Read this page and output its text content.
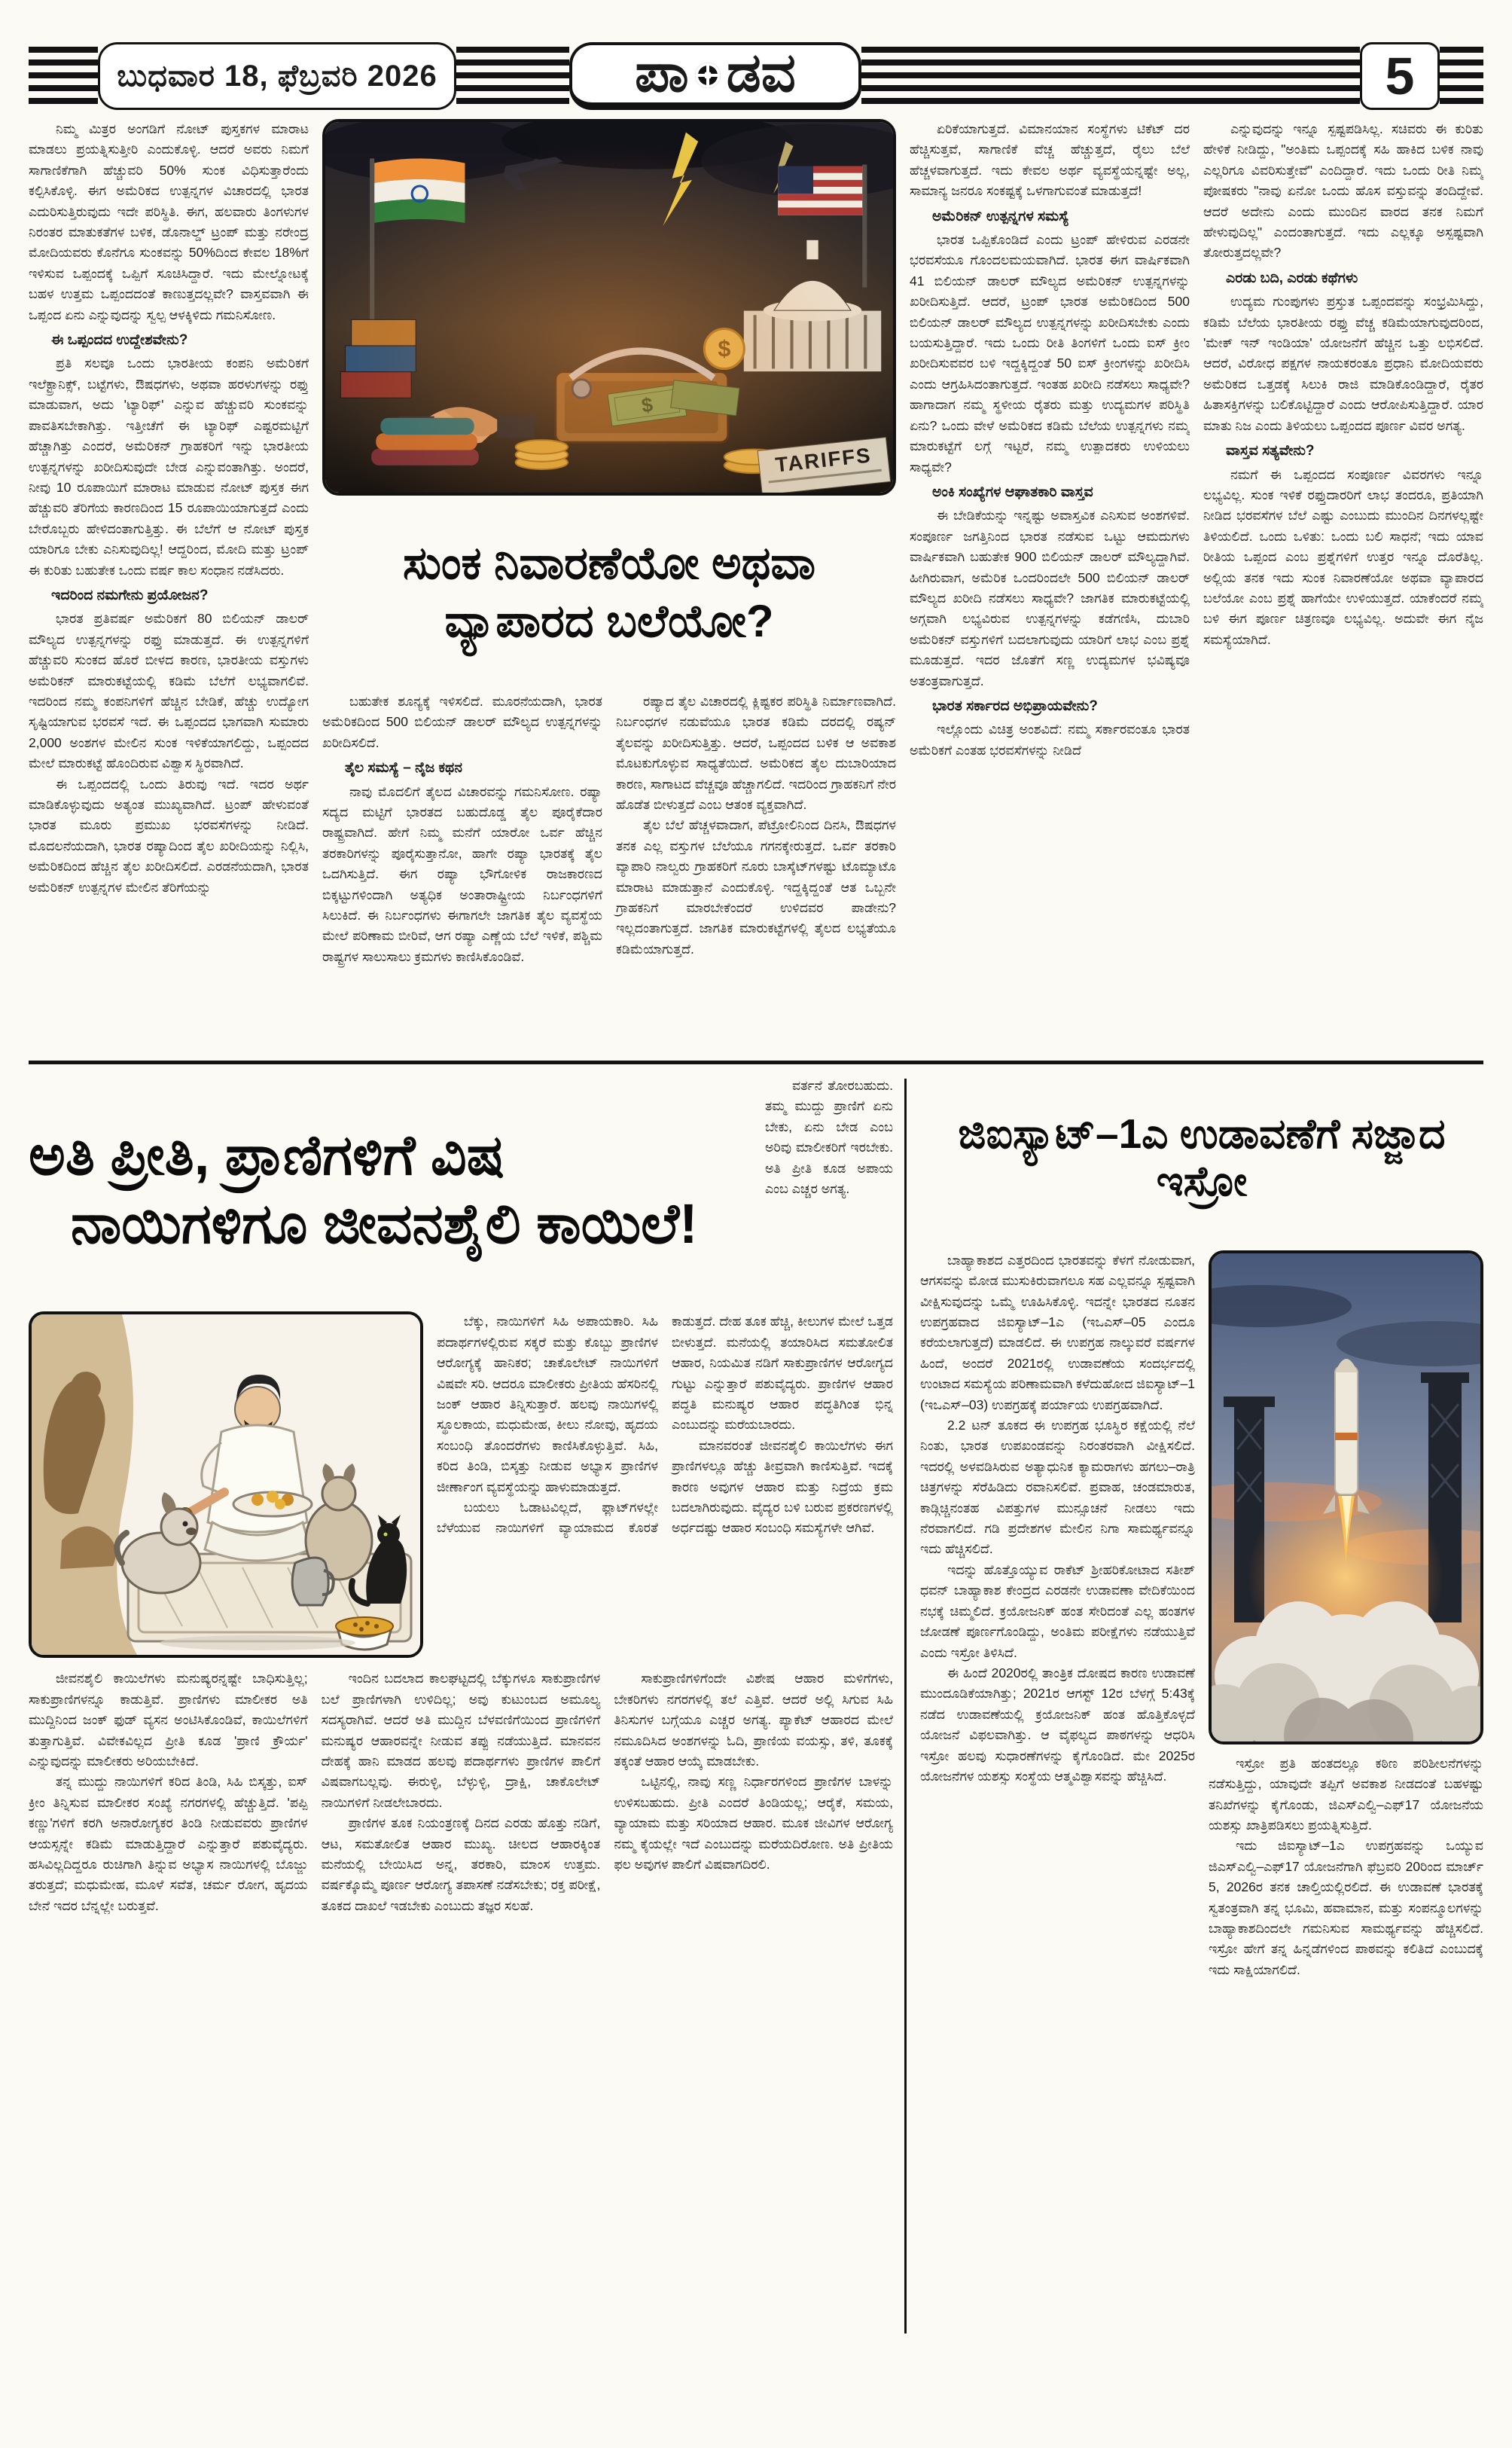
ಬುಧವಾರ 18, ಫೆಬ್ರವರಿ 2026	ಪಾ ಡವ	5

ನಿಮ್ಮ ಮಿತ್ರರ ಅಂಗಡಿಗೆ ನೋಟ್ ಪುಸ್ತಕಗಳ ಮಾರಾಟ ಮಾಡಲು ಪ್ರಯತ್ನಿಸುತ್ತೀರಿ ಎಂದುಕೊಳ್ಳಿ. ಆದರೆ ಅವರು ನಿಮಗೆ ಸಾಗಾಣಿಕೆಗಾಗಿ ಹೆಚ್ಚುವರಿ 50% ಸುಂಕ ವಿಧಿಸುತ್ತಾರೆಂದು ಕಲ್ಪಿಸಿಕೊಳ್ಳಿ. ಈಗ ಅಮೆರಿಕದ ಉತ್ಪನ್ನಗಳ ವಿಚಾರದಲ್ಲಿ ಭಾರತ ಎದುರಿಸುತ್ತಿರುವುದು ಇದೇ ಪರಿಸ್ಥಿತಿ. ಈಗ, ಹಲವಾರು ತಿಂಗಳುಗಳ ನಿರಂತರ ಮಾತುಕತೆಗಳ ಬಳಿಕ, ಡೊನಾಲ್ಡ್ ಟ್ರಂಪ್ ಮತ್ತು ನರೇಂದ್ರ ಮೋದಿಯವರು ಕೊನೆಗೂ ಸುಂಕವನ್ನು 50%ದಿಂದ ಕೇವಲ 18%ಗೆ ಇಳಿಸುವ ಒಪ್ಪಂದಕ್ಕೆ ಒಪ್ಪಿಗೆ ಸೂಚಿಸಿದ್ದಾರೆ. ಇದು ಮೇಲ್ನೋಟಕ್ಕೆ ಬಹಳ ಉತ್ತಮ ಒಪ್ಪಂದದಂತೆ ಕಾಣುತ್ತದಲ್ಲವೇ? ವಾಸ್ತವವಾಗಿ ಈ ಒಪ್ಪಂದ ಏನು ಎನ್ನುವುದನ್ನು ಸ್ವಲ್ಪ ಆಳಕ್ಕಿಳಿದು ಗಮನಿಸೋಣ.

ಈ ಒಪ್ಪಂದದ ಉದ್ದೇಶವೇನು?

ಪ್ರತಿ ಸಲವೂ ಒಂದು ಭಾರತೀಯ ಕಂಪನಿ ಅಮೆರಿಕಗೆ ಇಲೆಕ್ಟ್ರಾನಿಕ್ಸ್, ಬಟ್ಟೆಗಳು, ಔಷಧಗಳು, ಅಥವಾ ಹರಳುಗಳನ್ನು ರಫ್ತು ಮಾಡುವಾಗ, ಅದು 'ಟ್ಯಾರಿಫ್' ಎನ್ನುವ ಹೆಚ್ಚುವರಿ ಸುಂಕವನ್ನು ಪಾವತಿಸಬೇಕಾಗಿತ್ತು. ಇತ್ತೀಚೆಗೆ ಈ ಟ್ಯಾರಿಫ್ ಎಷ್ಟರಮಟ್ಟಿಗೆ ಹೆಚ್ಚಾಗಿತ್ತು ಎಂದರೆ, ಅಮೆರಿಕನ್ ಗ್ರಾಹಕರಿಗೆ ಇನ್ನು ಭಾರತೀಯ ಉತ್ಪನ್ನಗಳನ್ನು ಖರೀದಿಸುವುದೇ ಬೇಡ ಎನ್ನುವಂತಾಗಿತ್ತು. ಅಂದರೆ, ನೀವು 10 ರೂಪಾಯಿಗೆ ಮಾರಾಟ ಮಾಡುವ ನೋಟ್ ಪುಸ್ತಕ ಈಗ ಹೆಚ್ಚುವರಿ ತೆರಿಗೆಯ ಕಾರಣದಿಂದ 15 ರೂಪಾಯಿಯಾಗುತ್ತದೆ ಎಂದು ಬೇರೊಬ್ಬರು ಹೇಳಿದಂತಾಗುತ್ತಿತ್ತು. ಈ ಬೆಲೆಗೆ ಆ ನೋಟ್ ಪುಸ್ತಕ ಯಾರಿಗೂ ಬೇಕು ಎನಿಸುವುದಿಲ್ಲ! ಆದ್ದರಿಂದ, ಮೋದಿ ಮತ್ತು ಟ್ರಂಪ್ ಈ ಕುರಿತು ಬಹುತೇಕ ಒಂದು ವರ್ಷ ಕಾಲ ಸಂಧಾನ ನಡೆಸಿದರು.

ಇದರಿಂದ ನಮಗೇನು ಪ್ರಯೋಜನ?

ಭಾರತ ಪ್ರತಿವರ್ಷ ಅಮೆರಿಕಗೆ 80 ಬಿಲಿಯನ್ ಡಾಲರ್ ಮೌಲ್ಯದ ಉತ್ಪನ್ನಗಳನ್ನು ರಫ್ತು ಮಾಡುತ್ತದೆ. ಈ ಉತ್ಪನ್ನಗಳಿಗೆ ಹೆಚ್ಚುವರಿ ಸುಂಕದ ಹೊರೆ ಬೀಳದ ಕಾರಣ, ಭಾರತೀಯ ವಸ್ತುಗಳು ಅಮೆರಿಕನ್ ಮಾರುಕಟ್ಟೆಯಲ್ಲಿ ಕಡಿಮೆ ಬೆಲೆಗೆ ಲಭ್ಯವಾಗಲಿವೆ. ಇದರಿಂದ ನಮ್ಮ ಕಂಪನಿಗಳಿಗೆ ಹೆಚ್ಚಿನ ಬೇಡಿಕೆ, ಹೆಚ್ಚು ಉದ್ಯೋಗ ಸೃಷ್ಟಿಯಾಗುವ ಭರವಸೆ ಇದೆ. ಈ ಒಪ್ಪಂದದ ಭಾಗವಾಗಿ ಸುಮಾರು 2,000 ಅಂಶಗಳ ಮೇಲಿನ ಸುಂಕ ಇಳಿಕೆಯಾಗಲಿದ್ದು, ಒಪ್ಪಂದದ ಮೇಲೆ ಮಾರುಕಟ್ಟೆ ಹೊಂದಿರುವ ವಿಶ್ವಾಸ ಸ್ಥಿರವಾಗಿದೆ.

ಈ ಒಪ್ಪಂದದಲ್ಲಿ ಒಂದು ತಿರುವು ಇದೆ. ಇದರ ಅರ್ಥ ಮಾಡಿಕೊಳ್ಳುವುದು ಅತ್ಯಂತ ಮುಖ್ಯವಾಗಿದೆ. ಟ್ರಂಪ್ ಹೇಳುವಂತೆ ಭಾರತ ಮೂರು ಪ್ರಮುಖ ಭರವಸೆಗಳನ್ನು ನೀಡಿದೆ. ಮೊದಲನೆಯದಾಗಿ, ಭಾರತ ರಷ್ಯಾದಿಂದ ತೈಲ ಖರೀದಿಯನ್ನು ನಿಲ್ಲಿಸಿ, ಅಮೆರಿಕದಿಂದ ಹೆಚ್ಚಿನ ತೈಲ ಖರೀದಿಸಲಿದೆ. ಎರಡನೆಯದಾಗಿ, ಭಾರತ ಅಮೆರಿಕನ್ ಉತ್ಪನ್ನಗಳ ಮೇಲಿನ ತೆರಿಗೆಯನ್ನು

ಸುಂಕ ನಿವಾರಣೆಯೋ ಅಥವಾ
ವ್ಯಾಪಾರದ ಬಲೆಯೋ?

ಬಹುತೇಕ ಶೂನ್ಯಕ್ಕೆ ಇಳಿಸಲಿದೆ. ಮೂರನೆಯದಾಗಿ, ಭಾರತ ಅಮೆರಿಕದಿಂದ 500 ಬಿಲಿಯನ್ ಡಾಲರ್ ಮೌಲ್ಯದ ಉತ್ಪನ್ನಗಳನ್ನು ಖರೀದಿಸಲಿದೆ.

ತೈಲ ಸಮಸ್ಯೆ – ನೈಜ ಕಥನ

ನಾವು ಮೊದಲಿಗೆ ತೈಲದ ವಿಚಾರವನ್ನು ಗಮನಿಸೋಣ. ರಷ್ಯಾ ಸದ್ಯದ ಮಟ್ಟಿಗೆ ಭಾರತದ ಬಹುದೊಡ್ಡ ತೈಲ ಪೂರೈಕೆದಾರ ರಾಷ್ಟ್ರವಾಗಿದೆ. ಹೇಗೆ ನಿಮ್ಮ ಮನೆಗೆ ಯಾರೋ ಒರ್ವ ಹೆಚ್ಚಿನ ತರಕಾರಿಗಳನ್ನು ಪೂರೈಸುತ್ತಾನೋ, ಹಾಗೇ ರಷ್ಯಾ ಭಾರತಕ್ಕೆ ತೈಲ ಒದಗಿಸುತ್ತಿದೆ. ಈಗ ರಷ್ಯಾ ಭೌಗೋಳಿಕ ರಾಜಕಾರಣದ ಬಿಕ್ಕಟ್ಟುಗಳಿಂದಾಗಿ ಅತ್ಯಧಿಕ ಅಂತಾರಾಷ್ಟ್ರೀಯ ನಿರ್ಬಂಧಗಳಿಗೆ ಸಿಲುಕಿದೆ. ಈ ನಿರ್ಬಂಧಗಳು ಈಗಾಗಲೇ ಜಾಗತಿಕ ತೈಲ ವ್ಯವಸ್ಥೆಯ ಮೇಲೆ ಪರಿಣಾಮ ಬೀರಿವೆ, ಆಗ ರಷ್ಯಾ ಎಣ್ಣೆಯ ಬೆಲೆ ಇಳಿಕೆ, ಪಶ್ಚಿಮ ರಾಷ್ಟ್ರಗಳ ಸಾಲುಸಾಲು ಕ್ರಮಗಳು ಕಾಣಿಸಿಕೊಂಡಿವೆ.

ರಷ್ಯಾದ ತೈಲ ವಿಚಾರದಲ್ಲಿ ಕ್ಲಿಷ್ಟಕರ ಪರಿಸ್ಥಿತಿ ನಿರ್ಮಾಣವಾಗಿದೆ. ನಿರ್ಬಂಧಗಳ ನಡುವೆಯೂ ಭಾರತ ಕಡಿಮೆ ದರದಲ್ಲಿ ರಷ್ಯನ್ ತೈಲವನ್ನು ಖರೀದಿಸುತ್ತಿತ್ತು. ಆದರೆ, ಒಪ್ಪಂದದ ಬಳಿಕ ಆ ಅವಕಾಶ ಮೊಟಕುಗೊಳ್ಳುವ ಸಾಧ್ಯತೆಯಿದೆ. ಅಮೆರಿಕದ ತೈಲ ದುಬಾರಿಯಾದ ಕಾರಣ, ಸಾಗಾಟದ ವೆಚ್ಚವೂ ಹೆಚ್ಚಾಗಲಿದೆ. ಇದರಿಂದ ಗ್ರಾಹಕನಿಗೆ ನೇರ ಹೊಡೆತ ಬೀಳುತ್ತದೆ ಎಂಬ ಆತಂಕ ವ್ಯಕ್ತವಾಗಿದೆ.

ತೈಲ ಬೆಲೆ ಹೆಚ್ಚಳವಾದಾಗ, ಪೆಟ್ರೋಲಿನಿಂದ ದಿನಸಿ, ಔಷಧಗಳ ತನಕ ಎಲ್ಲ ವಸ್ತುಗಳ ಬೆಲೆಯೂ ಗಗನಕ್ಕೇರುತ್ತದೆ. ಒರ್ವ ತರಕಾರಿ ವ್ಯಾಪಾರಿ ನಾಲ್ವರು ಗ್ರಾಹಕರಿಗೆ ನೂರು ಬಾಸ್ಕೆಟ್‌ಗಳಷ್ಟು ಟೊಮ್ಯಾಟೊ ಮಾರಾಟ ಮಾಡುತ್ತಾನೆ ಎಂದುಕೊಳ್ಳಿ. ಇದ್ದಕ್ಕಿದ್ದಂತೆ ಆತ ಒಬ್ಬನೇ ಗ್ರಾಹಕನಿಗೆ ಮಾರಬೇಕೆಂದರೆ ಉಳಿದವರ ಪಾಡೇನು? ಇಲ್ಲದಂತಾಗುತ್ತದೆ. ಜಾಗತಿಕ ಮಾರುಕಟ್ಟೆಗಳಲ್ಲಿ ತೈಲದ ಲಭ್ಯತೆಯೂ ಕಡಿಮೆಯಾಗುತ್ತದೆ.

ಏರಿಕೆಯಾಗುತ್ತದೆ. ವಿಮಾನಯಾನ ಸಂಸ್ಥೆಗಳು ಟಿಕೆಟ್ ದರ ಹೆಚ್ಚಿಸುತ್ತವೆ, ಸಾಗಾಣಿಕೆ ವೆಚ್ಚ ಹೆಚ್ಚುತ್ತದೆ, ರೈಲು ಬೆಲೆ ಹೆಚ್ಚಳವಾಗುತ್ತದೆ. ಇದು ಕೇವಲ ಅರ್ಥ ವ್ಯವಸ್ಥೆಯನ್ನಷ್ಟೇ ಅಲ್ಲ, ಸಾಮಾನ್ಯ ಜನರೂ ಸಂಕಷ್ಟಕ್ಕೆ ಒಳಗಾಗುವಂತೆ ಮಾಡುತ್ತದೆ!

ಅಮೆರಿಕನ್ ಉತ್ಪನ್ನಗಳ ಸಮಸ್ಯೆ

ಭಾರತ ಒಪ್ಪಿಕೊಂಡಿದೆ ಎಂದು ಟ್ರಂಪ್ ಹೇಳಿರುವ ಎರಡನೇ ಭರವಸೆಯೂ ಗೊಂದಲಮಯವಾಗಿದೆ. ಭಾರತ ಈಗ ವಾರ್ಷಿಕವಾಗಿ 41 ಬಿಲಿಯನ್ ಡಾಲರ್ ಮೌಲ್ಯದ ಅಮೆರಿಕನ್ ಉತ್ಪನ್ನಗಳನ್ನು ಖರೀದಿಸುತ್ತಿದೆ. ಆದರೆ, ಟ್ರಂಪ್ ಭಾರತ ಅಮೆರಿಕದಿಂದ 500 ಬಿಲಿಯನ್ ಡಾಲರ್ ಮೌಲ್ಯದ ಉತ್ಪನ್ನಗಳನ್ನು ಖರೀದಿಸಬೇಕು ಎಂದು ಬಯಸುತ್ತಿದ್ದಾರೆ. ಇದು ಒಂದು ರೀತಿ ತಿಂಗಳಿಗೆ ಒಂದು ಐಸ್ ಕ್ರೀಂ ಖರೀದಿಸುವವರ ಬಳಿ ಇದ್ದಕ್ಕಿದ್ದಂತೆ 50 ಐಸ್ ಕ್ರೀಂಗಳನ್ನು ಖರೀದಿಸಿ ಎಂದು ಆಗ್ರಹಿಸಿದಂತಾಗುತ್ತದೆ. ಇಂತಹ ಖರೀದಿ ನಡೆಸಲು ಸಾಧ್ಯವೇ? ಹಾಗಾದಾಗ ನಮ್ಮ ಸ್ಥಳೀಯ ರೈತರು ಮತ್ತು ಉದ್ಯಮಗಳ ಪರಿಸ್ಥಿತಿ ಏನು? ಒಂದು ವೇಳೆ ಅಮೆರಿಕದ ಕಡಿಮೆ ಬೆಲೆಯ ಉತ್ಪನ್ನಗಳು ನಮ್ಮ ಮಾರುಕಟ್ಟೆಗೆ ಲಗ್ಗೆ ಇಟ್ಟರೆ, ನಮ್ಮ ಉತ್ಪಾದಕರು ಉಳಿಯಲು ಸಾಧ್ಯವೇ?

ಅಂಕಿ ಸಂಖ್ಯೆಗಳ ಆಘಾತಕಾರಿ ವಾಸ್ತವ

ಈ ಬೇಡಿಕೆಯನ್ನು ಇನ್ನಷ್ಟು ಅವಾಸ್ತವಿಕ ಎನಿಸುವ ಅಂಶಗಳಿವೆ. ಸಂಪೂರ್ಣ ಜಗತ್ತಿನಿಂದ ಭಾರತ ನಡೆಸುವ ಒಟ್ಟು ಆಮದುಗಳು ವಾರ್ಷಿಕವಾಗಿ ಬಹುತೇಕ 900 ಬಿಲಿಯನ್ ಡಾಲರ್ ಮೌಲ್ಯದ್ದಾಗಿವೆ. ಹೀಗಿರುವಾಗ, ಅಮೆರಿಕ ಒಂದರಿಂದಲೇ 500 ಬಿಲಿಯನ್ ಡಾಲರ್ ಮೌಲ್ಯದ ಖರೀದಿ ನಡೆಸಲು ಸಾಧ್ಯವೇ? ಜಾಗತಿಕ ಮಾರುಕಟ್ಟೆಯಲ್ಲಿ ಅಗ್ಗವಾಗಿ ಲಭ್ಯವಿರುವ ಉತ್ಪನ್ನಗಳನ್ನು ಕಡೆಗಣಿಸಿ, ದುಬಾರಿ ಅಮೆರಿಕನ್ ವಸ್ತುಗಳಿಗೆ ಬದಲಾಗುವುದು ಯಾರಿಗೆ ಲಾಭ ಎಂಬ ಪ್ರಶ್ನೆ ಮೂಡುತ್ತದೆ. ಇದರ ಜೊತೆಗೆ ಸಣ್ಣ ಉದ್ಯಮಗಳ ಭವಿಷ್ಯವೂ ಅತಂತ್ರವಾಗುತ್ತದೆ.

ಭಾರತ ಸರ್ಕಾರದ ಅಭಿಪ್ರಾಯವೇನು?

ಇಲ್ಲೊಂದು ವಿಚಿತ್ರ ಅಂಶವಿದೆ: ನಮ್ಮ ಸರ್ಕಾರವಂತೂ ಭಾರತ ಅಮೆರಿಕಗೆ ಎಂತಹ ಭರವಸೆಗಳನ್ನು ನೀಡಿದೆ

ಎನ್ನುವುದನ್ನು ಇನ್ನೂ ಸ್ಪಷ್ಟಪಡಿಸಿಲ್ಲ. ಸಚಿವರು ಈ ಕುರಿತು ಹೇಳಿಕೆ ನೀಡಿದ್ದು, "ಅಂತಿಮ ಒಪ್ಪಂದಕ್ಕೆ ಸಹಿ ಹಾಕಿದ ಬಳಿಕ ನಾವು ಎಲ್ಲರಿಗೂ ವಿವರಿಸುತ್ತೇವೆ" ಎಂದಿದ್ದಾರೆ. ಇದು ಒಂದು ರೀತಿ ನಿಮ್ಮ ಪೋಷಕರು "ನಾವು ಏನೋ ಒಂದು ಹೊಸ ವಸ್ತುವನ್ನು ತಂದಿದ್ದೇವೆ. ಆದರೆ ಅದೇನು ಎಂದು ಮುಂದಿನ ವಾರದ ತನಕ ನಿಮಗೆ ಹೇಳುವುದಿಲ್ಲ" ಎಂದಂತಾಗುತ್ತದೆ. ಇದು ಎಲ್ಲಕ್ಕೂ ಅಸ್ಪಷ್ಟವಾಗಿ ತೋರುತ್ತದಲ್ಲವೇ?

ಎರಡು ಬದಿ, ಎರಡು ಕಥೆಗಳು

ಉದ್ಯಮ ಗುಂಪುಗಳು ಪ್ರಸ್ತುತ ಒಪ್ಪಂದವನ್ನು ಸಂಭ್ರಮಿಸಿದ್ದು, ಕಡಿಮೆ ಬೆಲೆಯ ಭಾರತೀಯ ರಫ್ತು ವೆಚ್ಚ ಕಡಿಮೆಯಾಗುವುದರಿಂದ, 'ಮೇಕ್ ಇನ್ ಇಂಡಿಯಾ' ಯೋಜನೆಗೆ ಹೆಚ್ಚಿನ ಒತ್ತು ಲಭಿಸಲಿದೆ. ಆದರೆ, ವಿರೋಧ ಪಕ್ಷಗಳ ನಾಯಕರಂತೂ ಪ್ರಧಾನಿ ಮೋದಿಯವರು ಅಮೆರಿಕದ ಒತ್ತಡಕ್ಕೆ ಸಿಲುಕಿ ರಾಜಿ ಮಾಡಿಕೊಂಡಿದ್ದಾರೆ, ರೈತರ ಹಿತಾಸಕ್ತಿಗಳನ್ನು ಬಲಿಕೊಟ್ಟಿದ್ದಾರೆ ಎಂದು ಆರೋಪಿಸುತ್ತಿದ್ದಾರೆ. ಯಾರ ಮಾತು ನಿಜ ಎಂದು ತಿಳಿಯಲು ಒಪ್ಪಂದದ ಪೂರ್ಣ ವಿವರ ಅಗತ್ಯ.

ವಾಸ್ತವ ಸತ್ಯವೇನು?

ನಮಗೆ ಈ ಒಪ್ಪಂದದ ಸಂಪೂರ್ಣ ವಿವರಗಳು ಇನ್ನೂ ಲಭ್ಯವಿಲ್ಲ. ಸುಂಕ ಇಳಿಕೆ ರಫ್ತುದಾರರಿಗೆ ಲಾಭ ತಂದರೂ, ಪ್ರತಿಯಾಗಿ ನೀಡಿದ ಭರವಸೆಗಳ ಬೆಲೆ ಎಷ್ಟು ಎಂಬುದು ಮುಂದಿನ ದಿನಗಳಲ್ಲಷ್ಟೇ ತಿಳಿಯಲಿದೆ. ಒಂದು ಒಳಿತು: ಒಂದು ಬಲಿ ಸಾಧನೆ; ಇದು ಯಾವ ರೀತಿಯ ಒಪ್ಪಂದ ಎಂಬ ಪ್ರಶ್ನೆಗಳಿಗೆ ಉತ್ತರ ಇನ್ನೂ ದೊರೆತಿಲ್ಲ. ಅಲ್ಲಿಯ ತನಕ ಇದು ಸುಂಕ ನಿವಾರಣೆಯೋ ಅಥವಾ ವ್ಯಾಪಾರದ ಬಲೆಯೋ ಎಂಬ ಪ್ರಶ್ನೆ ಹಾಗೆಯೇ ಉಳಿಯುತ್ತದೆ. ಯಾಕೆಂದರೆ ನಮ್ಮ ಬಳಿ ಈಗ ಪೂರ್ಣ ಚಿತ್ರಣವೂ ಲಭ್ಯವಿಲ್ಲ. ಅದುವೇ ಈಗ ನೈಜ ಸಮಸ್ಯೆಯಾಗಿದೆ.

ಅತಿ ಪ್ರೀತಿ, ಪ್ರಾಣಿಗಳಿಗೆ ವಿಷ
ನಾಯಿಗಳಿಗೂ ಜೀವನಶೈಲಿ ಕಾಯಿಲೆ!

ವರ್ತನೆ ತೋರಬಹುದು. ತಮ್ಮ ಮುದ್ದು ಪ್ರಾಣಿಗೆ ಏನು ಬೇಕು, ಏನು ಬೇಡ ಎಂಬ ಅರಿವು ಮಾಲೀಕರಿಗೆ ಇರಬೇಕು. ಅತಿ ಪ್ರೀತಿ ಕೂಡ ಅಪಾಯ ಎಂಬ ಎಚ್ಚರ ಅಗತ್ಯ.

ಬೆಕ್ಕು, ನಾಯಿಗಳಿಗೆ ಸಿಹಿ ಅಪಾಯಕಾರಿ. ಸಿಹಿ ಪದಾರ್ಥಗಳಲ್ಲಿರುವ ಸಕ್ಕರೆ ಮತ್ತು ಕೊಬ್ಬು ಪ್ರಾಣಿಗಳ ಆರೋಗ್ಯಕ್ಕೆ ಹಾನಿಕರ; ಚಾಕೊಲೇಟ್ ನಾಯಿಗಳಿಗೆ ವಿಷವೇ ಸರಿ. ಆದರೂ ಮಾಲೀಕರು ಪ್ರೀತಿಯ ಹೆಸರಿನಲ್ಲಿ ಜಂಕ್ ಆಹಾರ ತಿನ್ನಿಸುತ್ತಾರೆ. ಹಲವು ನಾಯಿಗಳಲ್ಲಿ ಸ್ಥೂಲಕಾಯ, ಮಧುಮೇಹ, ಕೀಲು ನೋವು, ಹೃದಯ ಸಂಬಂಧಿ ತೊಂದರೆಗಳು ಕಾಣಿಸಿಕೊಳ್ಳುತ್ತಿವೆ. ಸಿಹಿ, ಕರಿದ ತಿಂಡಿ, ಬಿಸ್ಕತ್ತು ನೀಡುವ ಅಭ್ಯಾಸ ಪ್ರಾಣಿಗಳ ಜೀರ್ಣಾಂಗ ವ್ಯವಸ್ಥೆಯನ್ನು ಹಾಳುಮಾಡುತ್ತದೆ.

ಬಯಲು ಓಡಾಟವಿಲ್ಲದೆ, ಫ್ಲಾಟ್‌ಗಳಲ್ಲೇ ಬೆಳೆಯುವ ನಾಯಿಗಳಿಗೆ ವ್ಯಾಯಾಮದ ಕೊರತೆ ಕಾಡುತ್ತದೆ. ದೇಹ ತೂಕ ಹೆಚ್ಚಿ, ಕೀಲುಗಳ ಮೇಲೆ ಒತ್ತಡ ಬೀಳುತ್ತದೆ. ಮನೆಯಲ್ಲಿ ತಯಾರಿಸಿದ ಸಮತೋಲಿತ ಆಹಾರ, ನಿಯಮಿತ ನಡಿಗೆ ಸಾಕುಪ್ರಾಣಿಗಳ ಆರೋಗ್ಯದ ಗುಟ್ಟು ಎನ್ನುತ್ತಾರೆ ಪಶುವೈದ್ಯರು. ಪ್ರಾಣಿಗಳ ಆಹಾರ ಪದ್ಧತಿ ಮನುಷ್ಯರ ಆಹಾರ ಪದ್ಧತಿಗಿಂತ ಭಿನ್ನ ಎಂಬುದನ್ನು ಮರೆಯಬಾರದು.

ಮಾನವರಂತೆ ಜೀವನಶೈಲಿ ಕಾಯಿಲೆಗಳು ಈಗ ಪ್ರಾಣಿಗಳಲ್ಲೂ ಹೆಚ್ಚು ತೀವ್ರವಾಗಿ ಕಾಣಿಸುತ್ತಿವೆ. ಇದಕ್ಕೆ ಕಾರಣ ಅವುಗಳ ಆಹಾರ ಮತ್ತು ನಿದ್ರೆಯ ಕ್ರಮ ಬದಲಾಗಿರುವುದು. ವೈದ್ಯರ ಬಳಿ ಬರುವ ಪ್ರಕರಣಗಳಲ್ಲಿ ಅರ್ಧದಷ್ಟು ಆಹಾರ ಸಂಬಂಧಿ ಸಮಸ್ಯೆಗಳೇ ಆಗಿವೆ.

ಜೀವನಶೈಲಿ ಕಾಯಿಲೆಗಳು ಮನುಷ್ಯರನ್ನಷ್ಟೇ ಬಾಧಿಸುತ್ತಿಲ್ಲ; ಸಾಕುಪ್ರಾಣಿಗಳನ್ನೂ ಕಾಡುತ್ತಿವೆ. ಪ್ರಾಣಿಗಳು ಮಾಲೀಕರ ಅತಿ ಮುದ್ದಿನಿಂದ ಜಂಕ್ ಫುಡ್ ವ್ಯಸನ ಅಂಟಿಸಿಕೊಂಡಿವೆ, ಕಾಯಿಲೆಗಳಿಗೆ ತುತ್ತಾಗುತ್ತಿವೆ. ವಿವೇಕವಿಲ್ಲದ ಪ್ರೀತಿ ಕೂಡ 'ಪ್ರಾಣಿ ಕ್ರೌರ್ಯ' ಎನ್ನುವುದನ್ನು ಮಾಲೀಕರು ಅರಿಯಬೇಕಿದೆ.

ತನ್ನ ಮುದ್ದು ನಾಯಿಗಳಿಗೆ ಕರಿದ ತಿಂಡಿ, ಸಿಹಿ ಬಿಸ್ಕತ್ತು, ಐಸ್ ಕ್ರೀಂ ತಿನ್ನಿಸುವ ಮಾಲೀಕರ ಸಂಖ್ಯೆ ನಗರಗಳಲ್ಲಿ ಹೆಚ್ಚುತ್ತಿದೆ. 'ಪಪ್ಪಿ ಕಣ್ಣು'ಗಳಿಗೆ ಕರಗಿ ಅನಾರೋಗ್ಯಕರ ತಿಂಡಿ ನೀಡುವವರು ಪ್ರಾಣಿಗಳ ಆಯಸ್ಸನ್ನೇ ಕಡಿಮೆ ಮಾಡುತ್ತಿದ್ದಾರೆ ಎನ್ನುತ್ತಾರೆ ಪಶುವೈದ್ಯರು. ಹಸಿವಿಲ್ಲದಿದ್ದರೂ ರುಚಿಗಾಗಿ ತಿನ್ನುವ ಅಭ್ಯಾಸ ನಾಯಿಗಳಲ್ಲಿ ಬೊಜ್ಜು ತರುತ್ತದೆ; ಮಧುಮೇಹ, ಮೂಳೆ ಸವೆತ, ಚರ್ಮ ರೋಗ, ಹೃದಯ ಬೇನೆ ಇದರ ಬೆನ್ನಲ್ಲೇ ಬರುತ್ತವೆ.

ಇಂದಿನ ಬದಲಾದ ಕಾಲಘಟ್ಟದಲ್ಲಿ ಬೆಕ್ಕುಗಳೂ ಸಾಕುಪ್ರಾಣಿಗಳ ಬಲೆ ಪ್ರಾಣಿಗಳಾಗಿ ಉಳಿದಿಲ್ಲ; ಅವು ಕುಟುಂಬದ ಅಮೂಲ್ಯ ಸದಸ್ಯರಾಗಿವೆ. ಆದರೆ ಅತಿ ಮುದ್ದಿನ ಬೆಳವಣಿಗೆಯಿಂದ ಪ್ರಾಣಿಗಳಿಗೆ ಮನುಷ್ಯರ ಆಹಾರವನ್ನೇ ನೀಡುವ ತಪ್ಪು ನಡೆಯುತ್ತಿದೆ. ಮಾನವನ ದೇಹಕ್ಕೆ ಹಾನಿ ಮಾಡದ ಹಲವು ಪದಾರ್ಥಗಳು ಪ್ರಾಣಿಗಳ ಪಾಲಿಗೆ ವಿಷವಾಗಬಲ್ಲವು. ಈರುಳ್ಳಿ, ಬೆಳ್ಳುಳ್ಳಿ, ದ್ರಾಕ್ಷಿ, ಚಾಕೊಲೇಟ್ ನಾಯಿಗಳಿಗೆ ನೀಡಲೇಬಾರದು.

ಪ್ರಾಣಿಗಳ ತೂಕ ನಿಯಂತ್ರಣಕ್ಕೆ ದಿನದ ಎರಡು ಹೊತ್ತು ನಡಿಗೆ, ಆಟ, ಸಮತೋಲಿತ ಆಹಾರ ಮುಖ್ಯ. ಚೀಲದ ಆಹಾರಕ್ಕಿಂತ ಮನೆಯಲ್ಲಿ ಬೇಯಿಸಿದ ಅನ್ನ, ತರಕಾರಿ, ಮಾಂಸ ಉತ್ತಮ. ವರ್ಷಕ್ಕೊಮ್ಮೆ ಪೂರ್ಣ ಆರೋಗ್ಯ ತಪಾಸಣೆ ನಡೆಸಬೇಕು; ರಕ್ತ ಪರೀಕ್ಷೆ, ತೂಕದ ದಾಖಲೆ ಇಡಬೇಕು ಎಂಬುದು ತಜ್ಞರ ಸಲಹೆ.

ಸಾಕುಪ್ರಾಣಿಗಳಿಗೆಂದೇ ವಿಶೇಷ ಆಹಾರ ಮಳಿಗೆಗಳು, ಬೇಕರಿಗಳು ನಗರಗಳಲ್ಲಿ ತಲೆ ಎತ್ತಿವೆ. ಆದರೆ ಅಲ್ಲಿ ಸಿಗುವ ಸಿಹಿ ತಿನಿಸುಗಳ ಬಗ್ಗೆಯೂ ಎಚ್ಚರ ಅಗತ್ಯ. ಪ್ಯಾಕೆಟ್ ಆಹಾರದ ಮೇಲೆ ನಮೂದಿಸಿದ ಅಂಶಗಳನ್ನು ಓದಿ, ಪ್ರಾಣಿಯ ವಯಸ್ಸು, ತಳಿ, ತೂಕಕ್ಕೆ ತಕ್ಕಂತೆ ಆಹಾರ ಆಯ್ಕೆ ಮಾಡಬೇಕು.

ಒಟ್ಟಿನಲ್ಲಿ, ನಾವು ಸಣ್ಣ ನಿರ್ಧಾರಗಳಿಂದ ಪ್ರಾಣಿಗಳ ಬಾಳನ್ನು ಉಳಿಸಬಹುದು. ಪ್ರೀತಿ ಎಂದರೆ ತಿಂಡಿಯಲ್ಲ; ಆರೈಕೆ, ಸಮಯ, ವ್ಯಾಯಾಮ ಮತ್ತು ಸರಿಯಾದ ಆಹಾರ. ಮೂಕ ಜೀವಿಗಳ ಆರೋಗ್ಯ ನಮ್ಮ ಕೈಯಲ್ಲೇ ಇದೆ ಎಂಬುದನ್ನು ಮರೆಯದಿರೋಣ. ಅತಿ ಪ್ರೀತಿಯ ಫಲ ಅವುಗಳ ಪಾಲಿಗೆ ವಿಷವಾಗದಿರಲಿ.

ಜಿಐಸ್ಯಾಟ್–1ಎ ಉಡಾವಣೆಗೆ ಸಜ್ಜಾದ ಇಸ್ರೋ

ಬಾಹ್ಯಾಕಾಶದ ಎತ್ತರದಿಂದ ಭಾರತವನ್ನು ಕೆಳಗೆ ನೋಡುವಾಗ, ಆಗಸವನ್ನು ಮೋಡ ಮುಸುಕಿರುವಾಗಲೂ ಸಹ ಎಲ್ಲವನ್ನೂ ಸ್ಪಷ್ಟವಾಗಿ ವೀಕ್ಷಿಸುವುದನ್ನು ಒಮ್ಮೆ ಊಹಿಸಿಕೊಳ್ಳಿ. ಇದನ್ನೇ ಭಾರತದ ನೂತನ ಉಪಗ್ರಹವಾದ ಜಿಐಸ್ಯಾಟ್–1ಎ (ಇಒಎಸ್–05 ಎಂದೂ ಕರೆಯಲಾಗುತ್ತದೆ) ಮಾಡಲಿದೆ. ಈ ಉಪಗ್ರಹ ನಾಲ್ಕುವರೆ ವರ್ಷಗಳ ಹಿಂದೆ, ಅಂದರೆ 2021ರಲ್ಲಿ ಉಡಾವಣೆಯ ಸಂದರ್ಭದಲ್ಲಿ ಉಂಟಾದ ಸಮಸ್ಯೆಯ ಪರಿಣಾಮವಾಗಿ ಕಳೆದುಹೋದ ಜಿಐಸ್ಯಾಟ್–1 (ಇಒಎಸ್–03) ಉಪಗ್ರಹಕ್ಕೆ ಪರ್ಯಾಯ ಉಪಗ್ರಹವಾಗಿದೆ.

2.2 ಟನ್ ತೂಕದ ಈ ಉಪಗ್ರಹ ಭೂಸ್ಥಿರ ಕಕ್ಷೆಯಲ್ಲಿ ನೆಲೆ ನಿಂತು, ಭಾರತ ಉಪಖಂಡವನ್ನು ನಿರಂತರವಾಗಿ ವೀಕ್ಷಿಸಲಿದೆ. ಇದರಲ್ಲಿ ಅಳವಡಿಸಿರುವ ಅತ್ಯಾಧುನಿಕ ಕ್ಯಾಮರಾಗಳು ಹಗಲು–ರಾತ್ರಿ ಚಿತ್ರಗಳನ್ನು ಸೆರೆಹಿಡಿದು ರವಾನಿಸಲಿವೆ. ಪ್ರವಾಹ, ಚಂಡಮಾರುತ, ಕಾಡ್ಗಿಚ್ಚಿನಂತಹ ವಿಪತ್ತುಗಳ ಮುನ್ಸೂಚನೆ ನೀಡಲು ಇದು ನೆರವಾಗಲಿದೆ. ಗಡಿ ಪ್ರದೇಶಗಳ ಮೇಲಿನ ನಿಗಾ ಸಾಮರ್ಥ್ಯವನ್ನೂ ಇದು ಹೆಚ್ಚಿಸಲಿದೆ.

ಇದನ್ನು ಹೊತ್ತೊಯ್ಯುವ ರಾಕೆಟ್ ಶ್ರೀಹರಿಕೋಟಾದ ಸತೀಶ್ ಧವನ್ ಬಾಹ್ಯಾಕಾಶ ಕೇಂದ್ರದ ಎರಡನೇ ಉಡಾವಣಾ ವೇದಿಕೆಯಿಂದ ನಭಕ್ಕೆ ಚಿಮ್ಮಲಿದೆ. ಕ್ರಯೋಜನಿಕ್ ಹಂತ ಸೇರಿದಂತೆ ಎಲ್ಲ ಹಂತಗಳ ಜೋಡಣೆ ಪೂರ್ಣಗೊಂಡಿದ್ದು, ಅಂತಿಮ ಪರೀಕ್ಷೆಗಳು ನಡೆಯುತ್ತಿವೆ ಎಂದು ಇಸ್ರೋ ತಿಳಿಸಿದೆ.

ಈ ಹಿಂದೆ 2020ರಲ್ಲಿ ತಾಂತ್ರಿಕ ದೋಷದ ಕಾರಣ ಉಡಾವಣೆ ಮುಂದೂಡಿಕೆಯಾಗಿತ್ತು; 2021ರ ಆಗಸ್ಟ್ 12ರ ಬೆಳಗ್ಗೆ 5:43ಕ್ಕೆ ನಡೆದ ಉಡಾವಣೆಯಲ್ಲಿ ಕ್ರಯೋಜನಿಕ್ ಹಂತ ಹೊತ್ತಿಕೊಳ್ಳದೆ ಯೋಜನೆ ವಿಫಲವಾಗಿತ್ತು. ಆ ವೈಫಲ್ಯದ ಪಾಠಗಳನ್ನು ಆಧರಿಸಿ ಇಸ್ರೋ ಹಲವು ಸುಧಾರಣೆಗಳನ್ನು ಕೈಗೊಂಡಿದೆ. ಮೇ 2025ರ ಯೋಜನೆಗಳ ಯಶಸ್ಸು ಸಂಸ್ಥೆಯ ಆತ್ಮವಿಶ್ವಾಸವನ್ನು ಹೆಚ್ಚಿಸಿದೆ.

ಇಸ್ರೋ ಪ್ರತಿ ಹಂತದಲ್ಲೂ ಕಠಿಣ ಪರಿಶೀಲನೆಗಳನ್ನು ನಡೆಸುತ್ತಿದ್ದು, ಯಾವುದೇ ತಪ್ಪಿಗೆ ಅವಕಾಶ ನೀಡದಂತೆ ಬಹಳಷ್ಟು ತನಿಖೆಗಳನ್ನು ಕೈಗೊಂಡು, ಜಿಎಸ್ಎಲ್ವಿ–ಎಫ್17 ಯೋಜನೆಯ ಯಶಸ್ಸು ಖಾತ್ರಿಪಡಿಸಲು ಪ್ರಯತ್ನಿಸುತ್ತಿದೆ.

ಇದು ಜಿಐಸ್ಯಾಟ್–1ಎ ಉಪಗ್ರಹವನ್ನು ಒಯ್ಯುವ ಜಿಎಸ್ಎಲ್ವಿ–ಎಫ್17 ಯೋಜನೆಗಾಗಿ ಫೆಬ್ರವರಿ 20ರಿಂದ ಮಾರ್ಚ್ 5, 2026ರ ತನಕ ಚಾಲ್ತಿಯಲ್ಲಿರಲಿದೆ. ಈ ಉಡಾವಣೆ ಭಾರತಕ್ಕೆ ಸ್ವತಂತ್ರವಾಗಿ ತನ್ನ ಭೂಮಿ, ಹವಾಮಾನ, ಮತ್ತು ಸಂಪನ್ಮೂಲಗಳನ್ನು ಬಾಹ್ಯಾಕಾಶದಿಂದಲೇ ಗಮನಿಸುವ ಸಾಮರ್ಥ್ಯವನ್ನು ಹೆಚ್ಚಿಸಲಿದೆ. ಇಸ್ರೋ ಹೇಗೆ ತನ್ನ ಹಿನ್ನಡೆಗಳಿಂದ ಪಾಠವನ್ನು ಕಲಿತಿದೆ ಎಂಬುದಕ್ಕೆ ಇದು ಸಾಕ್ಷಿಯಾಗಲಿದೆ.
